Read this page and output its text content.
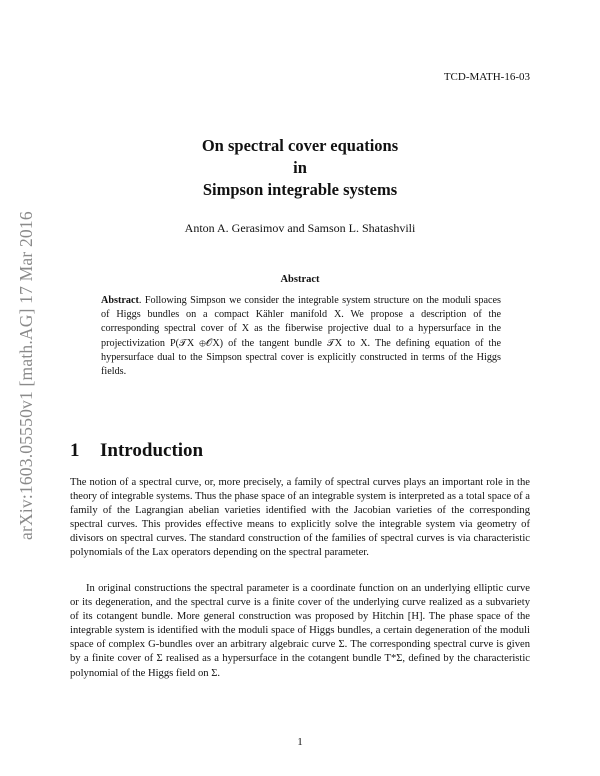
arXiv:1603.05550v1 [math.AG] 17 Mar 2016
TCD-MATH-16-03
On spectral cover equations
in
Simpson integrable systems
Anton A. Gerasimov and Samson L. Shatashvili
Abstract
Abstract. Following Simpson we consider the integrable system structure on the moduli spaces of Higgs bundles on a compact Kähler manifold X. We propose a description of the corresponding spectral cover of X as the fiberwise projective dual to a hypersurface in the projectivization P(𝒯X ⊕𝒪X) of the tangent bundle 𝒯X to X. The defining equation of the hypersurface dual to the Simpson spectral cover is explicitly constructed in terms of the Higgs fields.
1 Introduction
The notion of a spectral curve, or, more precisely, a family of spectral curves plays an important role in the theory of integrable systems. Thus the phase space of an integrable system is interpreted as a total space of a family of the Lagrangian abelian varieties identified with the Jacobian varieties of the corresponding spectral curves. This provides effective means to explicitly solve the integrable system via geometry of divisors on spectral curves. The standard construction of the families of spectral curves is via characteristic polynomials of the Lax operators depending on the spectral parameter.
In original constructions the spectral parameter is a coordinate function on an underlying elliptic curve or its degeneration, and the spectral curve is a finite cover of the underlying curve realized as a subvariety of its cotangent bundle. More general construction was proposed by Hitchin [H]. The phase space of the integrable system is identified with the moduli space of Higgs bundles, a certain degeneration of the moduli space of complex G-bundles over an arbitrary algebraic curve Σ. The corresponding spectral curve is given by a finite cover of Σ realised as a hypersurface in the cotangent bundle T*Σ, defined by the characteristic polynomial of the Higgs field on Σ.
1
